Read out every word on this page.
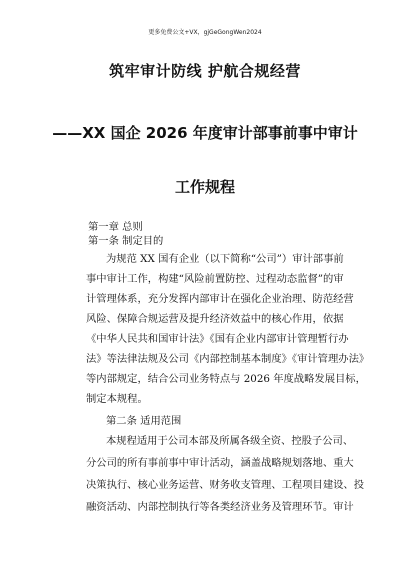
更多免费公文+VX，gjGeGongWen2024
筑牢审计防线 护航合规经营
——XX 国企 2026 年度审计部事前事中审计
工作规程
第一章 总则
第一条 制定目的
为规范 XX 国有企业（以下简称“公司”）审计部事前
事中审计工作，构建“风险前置防控、过程动态监督”的审
计管理体系，充分发挥内部审计在强化企业治理、防范经营
风险、保障合规运营及提升经济效益中的核心作用，依据
《中华人民共和国审计法》《国有企业内部审计管理暂行办
法》等法律法规及公司《内部控制基本制度》《审计管理办法》
等内部规定，结合公司业务特点与 2026 年度战略发展目标，
制定本规程。
第二条 适用范围
本规程适用于公司本部及所属各级全资、控股子公司、
分公司的所有事前事中审计活动，涵盖战略规划落地、重大
决策执行、核心业务运营、财务收支管理、工程项目建设、投
融资活动、内部控制执行等各类经济业务及管理环节。审计
